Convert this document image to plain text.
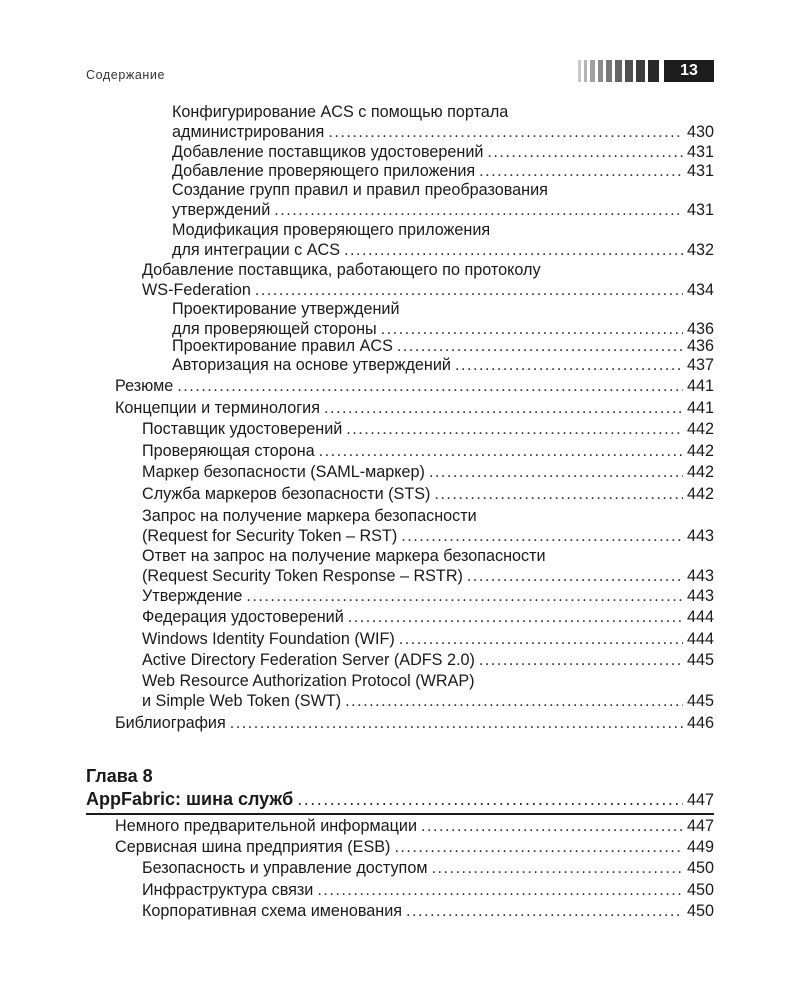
Содержание	13
Конфигурирование ACS с помощью портала
администрирования .....	430
Добавление поставщиков удостоверений .....	431
Добавление проверяющего приложения .....	431
Создание групп правил и правил преобразования
утверждений .....	431
Модификация проверяющего приложения
для интеграции с ACS .....	432
Добавление поставщика, работающего по протоколу
WS-Federation .....	434
Проектирование утверждений
для проверяющей стороны .....	436
Проектирование правил ACS .....	436
Авторизация на основе утверждений .....	437
Резюме .....	441
Концепции и терминология .....	441
Поставщик удостоверений .....	442
Проверяющая сторона .....	442
Маркер безопасности (SAML-маркер) .....	442
Служба маркеров безопасности (STS) .....	442
Запрос на получение маркера безопасности
(Request for Security Token – RST) .....	443
Ответ на запрос на получение маркера безопасности
(Request Security Token Response – RSTR) .....	443
Утверждение .....	443
Федерация удостоверений .....	444
Windows Identity Foundation (WIF) .....	444
Active Directory Federation Server (ADFS 2.0) .....	445
Web Resource Authorization Protocol (WRAP)
и Simple Web Token (SWT) .....	445
Библиография .....	446
Глава 8
AppFabric: шина служб .....	447
Немного предварительной информации .....	447
Сервисная шина предприятия (ESB) .....	449
Безопасность и управление доступом .....	450
Инфраструктура связи .....	450
Корпоративная схема именования .....	450
